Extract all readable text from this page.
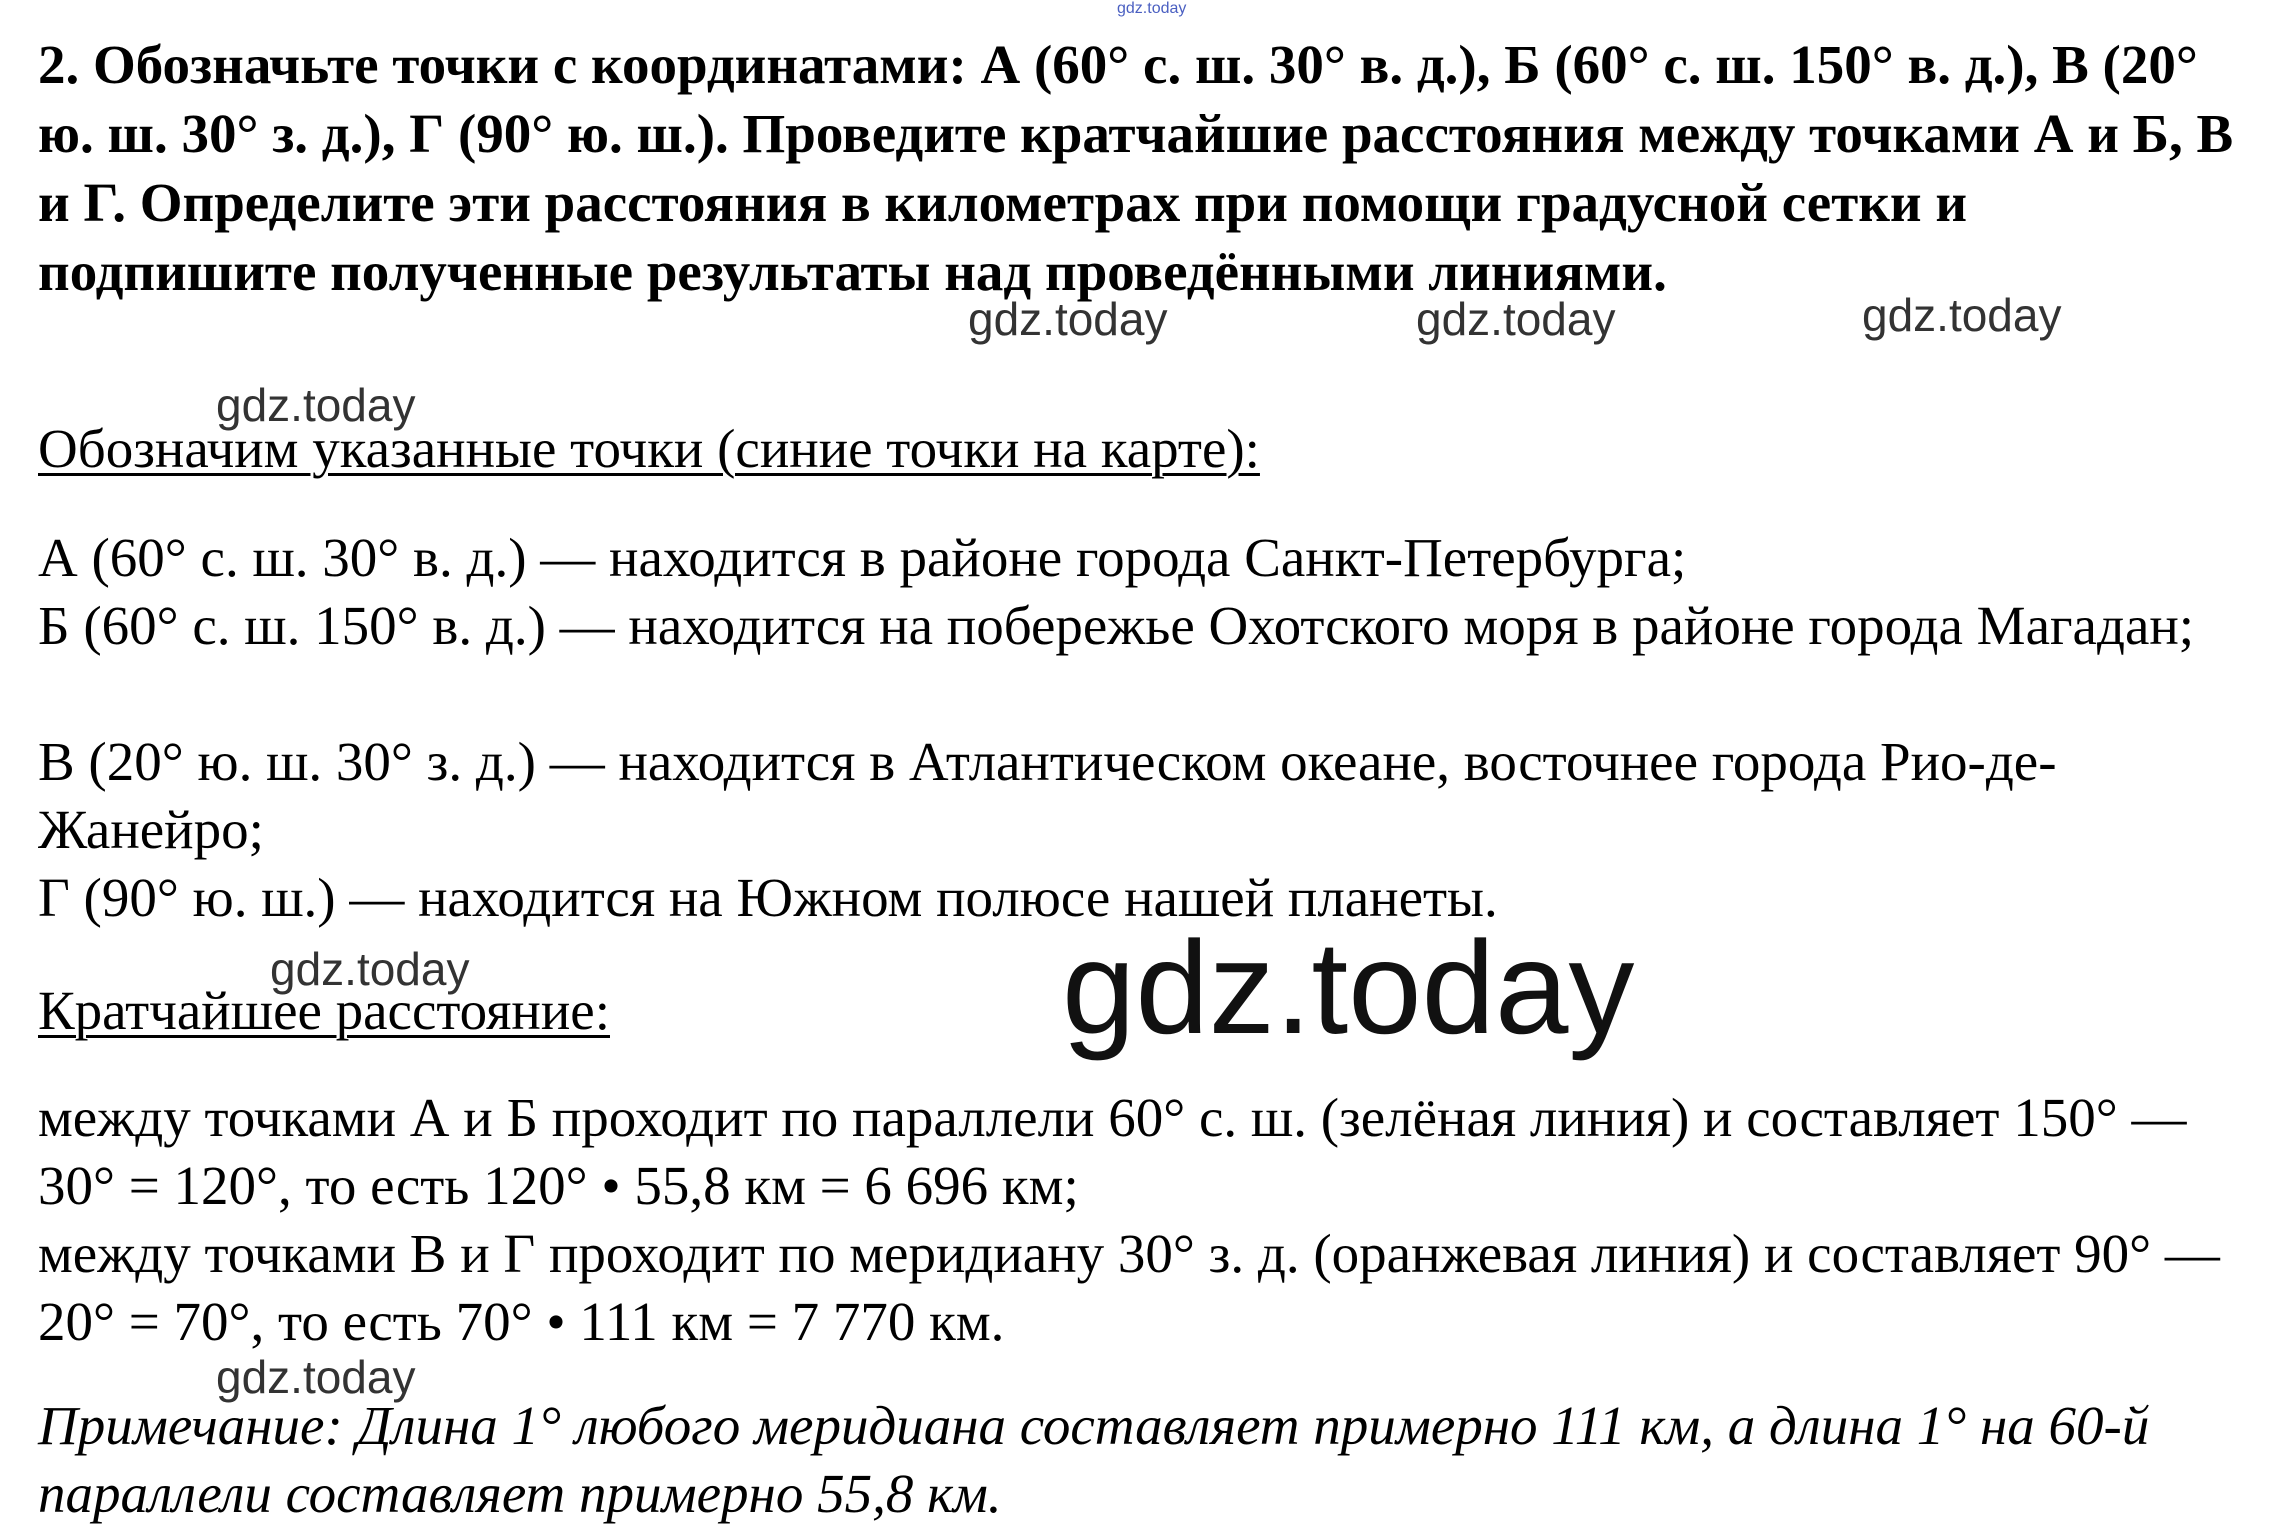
gdz.today

2. Обозначьте точки с координатами: А (60° с. ш. 30° в. д.), Б (60° с. ш. 150° в. д.), В (20° ю. ш. 30° з. д.), Г (90° ю. ш.). Проведите кратчайшие расстояния между точками А и Б, В и Г. Определите эти расстояния в километрах при помощи градусной сетки и подпишите полученные результаты над проведёнными линиями.

gdz.today	gdz.today	gdz.today
gdz.today

Обозначим указанные точки (синие точки на карте):

А (60° с. ш. 30° в. д.) — находится в районе города Санкт-Петербурга;

Б (60° с. ш. 150° в. д.) — находится на побережье Охотского моря в районе города Магадан;

В (20° ю. ш. 30° з. д.) — находится в Атлантическом океане, восточнее города Рио-де-Жанейро;

Г (90° ю. ш.) — находится на Южном полюсе нашей планеты.

gdz.today	gdz.today

Кратчайшее расстояние:

между точками А и Б проходит по параллели 60° с. ш. (зелёная линия) и составляет 150° — 30° = 120°, то есть 120° • 55,8 км = 6 696 км;

между точками В и Г проходит по меридиану 30° з. д. (оранжевая линия) и составляет 90° — 20° = 70°, то есть 70° • 111 км = 7 770 км.

gdz.today

Примечание: Длина 1° любого меридиана составляет примерно 111 км, а длина 1° на 60-й параллели составляет примерно 55,8 км.
